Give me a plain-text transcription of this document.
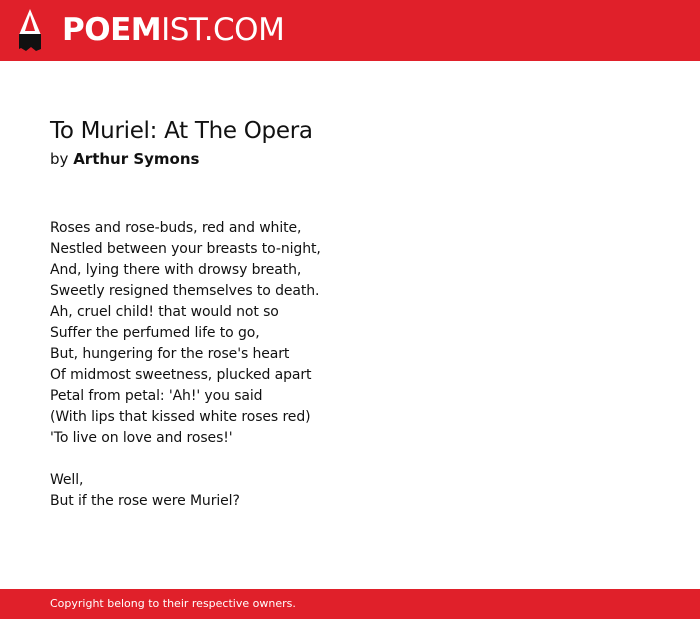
POEMIST.COM
To Muriel: At The Opera
by Arthur Symons
Roses and rose-buds, red and white,
Nestled between your breasts to-night,
And, lying there with drowsy breath,
Sweetly resigned themselves to death.
Ah, cruel child! that would not so
Suffer the perfumed life to go,
But, hungering for the rose's heart
Of midmost sweetness, plucked apart
Petal from petal: 'Ah!' you said
(With lips that kissed white roses red)
'To live on love and roses!'
Well,
But if the rose were Muriel?
Copyright belong to their respective owners.
